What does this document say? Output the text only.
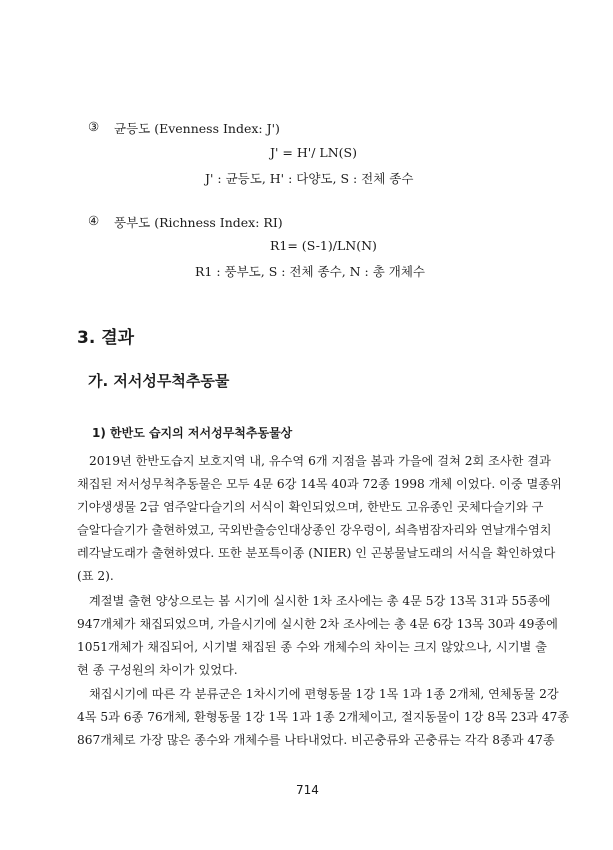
③ 균등도 (Evenness Index: J')
J' = H'/ LN(S)
J' : 균등도, H' : 다양도, S : 전체 종수
④ 풍부도 (Richness Index: RI)
R1= (S-1)/LN(N)
R1 : 풍부도, S : 전체 종수, N : 총 개체수
3. 결과
가. 저서성무척추동물
1) 한반도 습지의 저서성무척추동물상
2019년 한반도습지 보호지역 내, 유수역 6개 지점을 봄과 가을에 걸쳐 2회 조사한 결과
채집된 저서성무척추동물은 모두 4문 6강 14목 40과 72종 1998 개체 이었다. 이중 멸종위
기야생생물 2급 염주알다슬기의 서식이 확인되었으며, 한반도 고유종인 곳체다슬기와 구
슬알다슬기가 출현하였고, 국외반출승인대상종인 강우렁이, 쇠측범잠자리와 연날개수염치
레각날도래가 출현하였다. 또한 분포특이종 (NIER) 인 곤봉물날도래의 서식을 확인하였다
(표 2).
계절별 출현 양상으로는 봄 시기에 실시한 1차 조사에는 총 4문 5강 13목 31과 55종에
947개체가 채집되었으며, 가을시기에 실시한 2차 조사에는 총 4문 6강 13목 30과 49종에
1051개체가 채집되어, 시기별 채집된 종 수와 개체수의 차이는 크지 않았으나, 시기별 출
현 종 구성원의 차이가 있었다.
채집시기에 따른 각 분류군은 1차시기에 편형동물 1강 1목 1과 1종 2개체, 연체동물 2강
4목 5과 6종 76개체, 환형동물 1강 1목 1과 1종 2개체이고, 절지동물이 1강 8목 23과 47종
867개체로 가장 많은 종수와 개체수를 나타내었다. 비곤충류와 곤충류는 각각 8종과 47종
714
